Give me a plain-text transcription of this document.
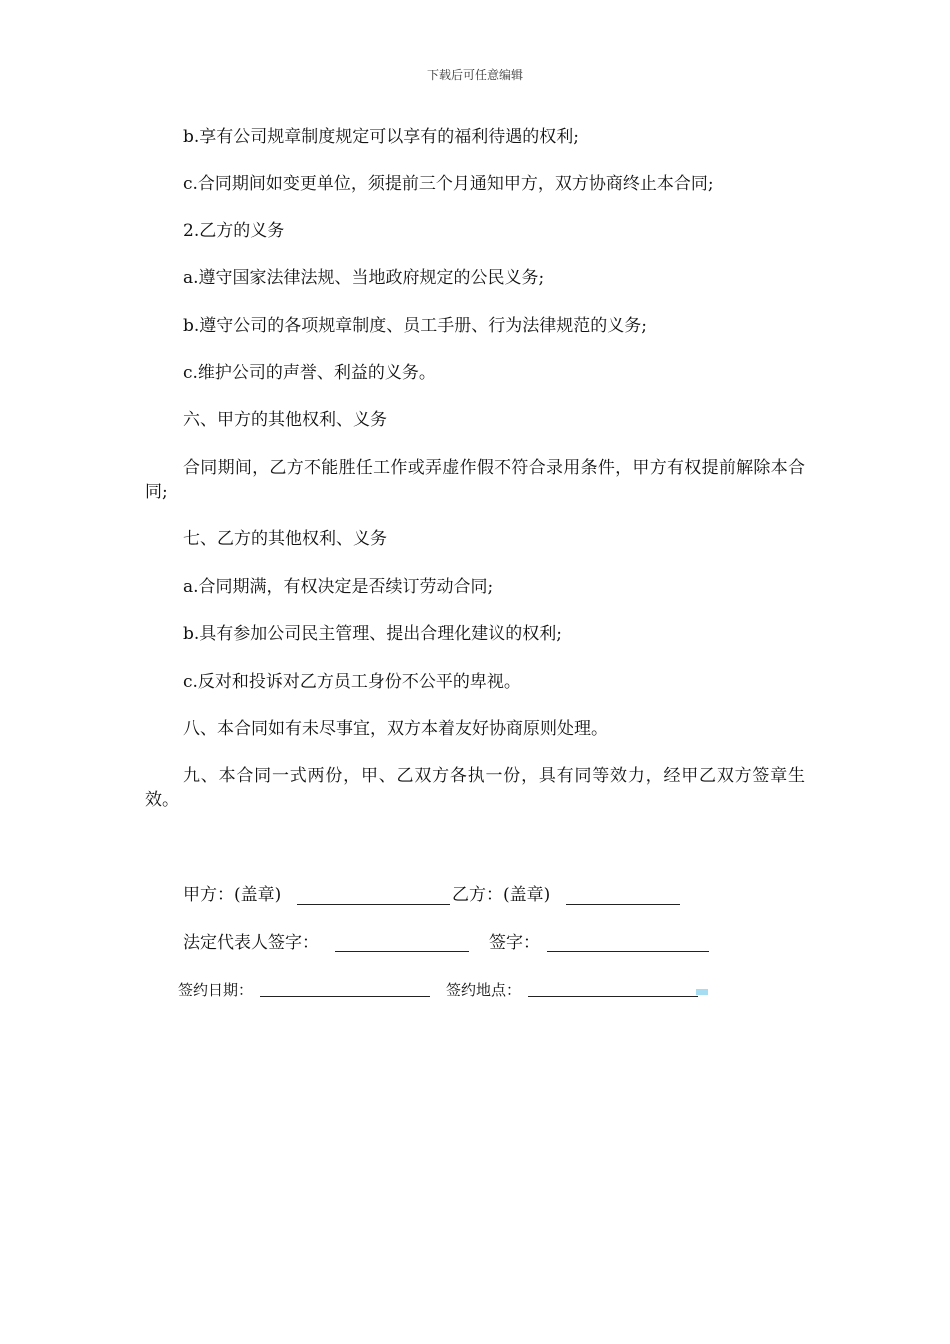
下载后可任意编辑
b.享有公司规章制度规定可以享有的福利待遇的权利;
c.合同期间如变更单位，须提前三个月通知甲方，双方协商终止本合同;
2.乙方的义务
a.遵守国家法律法规、当地政府规定的公民义务;
b.遵守公司的各项规章制度、员工手册、行为法律规范的义务;
c.维护公司的声誉、利益的义务。
六、甲方的其他权利、义务
合同期间，乙方不能胜任工作或弄虚作假不符合录用条件，甲方有权提前解除本合同;
七、乙方的其他权利、义务
a.合同期满，有权决定是否续订劳动合同;
b.具有参加公司民主管理、提出合理化建议的权利;
c.反对和投诉对乙方员工身份不公平的卑视。
八、本合同如有未尽事宜，双方本着友好协商原则处理。
九、本合同一式两份，甲、乙双方各执一份，具有同等效力，经甲乙双方签章生效。
甲方：(盖章)	乙方：(盖章)
法定代表人签字：	签字：
签约日期：	签约地点：
